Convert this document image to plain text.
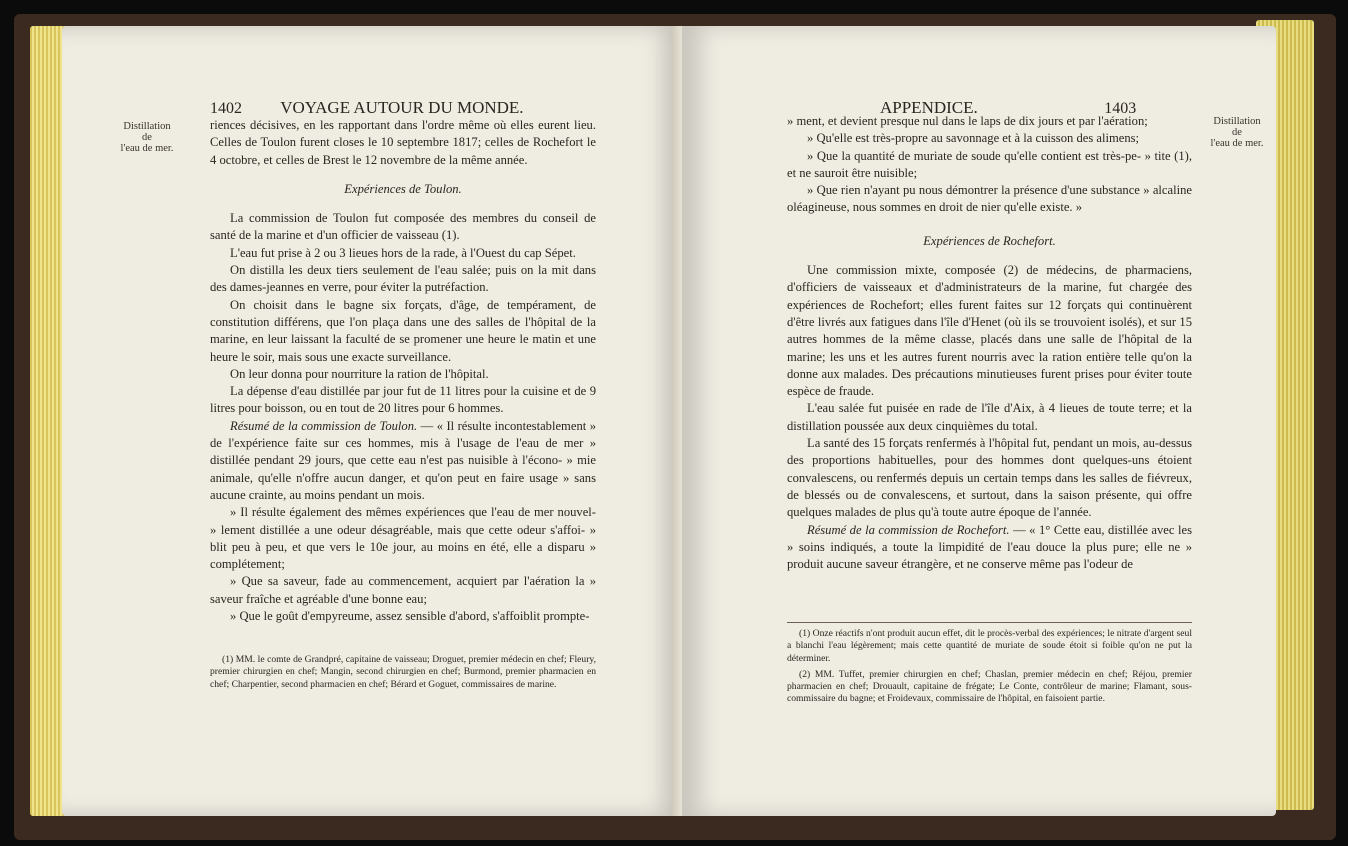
1402 VOYAGE AUTOUR DU MONDE.
Distillation
de
l'eau de mer.

riences décisives, en les rapportant dans l'ordre même où elles eurent lieu. Celles de Toulon furent closes le 10 septembre 1817; celles de Rochefort le 4 octobre, et celles de Brest le 12 novembre de la même année.

Expériences de Toulon.

La commission de Toulon fut composée des membres du conseil de santé de la marine et d'un officier de vaisseau (1).

L'eau fut prise à 2 ou 3 lieues hors de la rade, à l'Ouest du cap Sépet.

On distilla les deux tiers seulement de l'eau salée; puis on la mit dans des dames-jeannes en verre, pour éviter la putréfaction.

On choisit dans le bagne six forçats, d'âge, de tempérament, de constitution différens, que l'on plaça dans une des salles de l'hôpital de la marine, en leur laissant la faculté de se promener une heure le matin et une heure le soir, mais sous une exacte surveillance.

On leur donna pour nourriture la ration de l'hôpital.

La dépense d'eau distillée par jour fut de 11 litres pour la cuisine et de 9 litres pour boisson, ou en tout de 20 litres pour 6 hommes.

Résumé de la commission de Toulon. — « Il résulte incontestablement » de l'expérience faite sur ces hommes, mis à l'usage de l'eau de mer » distillée pendant 29 jours, que cette eau n'est pas nuisible à l'écono- » mie animale, qu'elle n'offre aucun danger, et qu'on peut en faire usage » sans aucune crainte, au moins pendant un mois.

» Il résulte également des mêmes expériences que l'eau de mer nouvel- » lement distillée a une odeur désagréable, mais que cette odeur s'affoi- » blit peu à peu, et que vers le 10e jour, au moins en été, elle a disparu » complétement;

» Que sa saveur, fade au commencement, acquiert par l'aération la » saveur fraîche et agréable d'une bonne eau;

» Que le goût d'empyreume, assez sensible d'abord, s'affoiblit prompte-

(1) MM. le comte de Grandpré, capitaine de vaisseau; Droguet, premier médecin en chef; Fleury, premier chirurgien en chef; Mangin, second chirurgien en chef; Burmond, premier pharmacien en chef; Charpentier, second pharmacien en chef; Bérard et Goguet, commissaires de marine.

APPENDICE.	1403
Distillation
de
l'eau de mer.

» ment, et devient presque nul dans le laps de dix jours et par l'aération;

» Qu'elle est très-propre au savonnage et à la cuisson des alimens;

» Que la quantité de muriate de soude qu'elle contient est très-pe- » tite (1), et ne sauroit être nuisible;

» Que rien n'ayant pu nous démontrer la présence d'une substance » alcaline oléagineuse, nous sommes en droit de nier qu'elle existe. »

Expériences de Rochefort.

Une commission mixte, composée (2) de médecins, de pharmaciens, d'officiers de vaisseaux et d'administrateurs de la marine, fut chargée des expériences de Rochefort; elles furent faites sur 12 forçats qui continuèrent d'être livrés aux fatigues dans l'île d'Henet (où ils se trouvoient isolés), et sur 15 autres hommes de la même classe, placés dans une salle de l'hôpital de la marine; les uns et les autres furent nourris avec la ration entière telle qu'on la donne aux malades. Des précautions minutieuses furent prises pour éviter toute espèce de fraude.

L'eau salée fut puisée en rade de l'île d'Aix, à 4 lieues de toute terre; et la distillation poussée aux deux cinquièmes du total.

La santé des 15 forçats renfermés à l'hôpital fut, pendant un mois, au-dessus des proportions habituelles, pour des hommes dont quelques-uns étoient convalescens, ou renfermés depuis un certain temps dans les salles de fiévreux, de blessés ou de convalescens, et surtout, dans la saison présente, qui offre quelques malades de plus qu'à toute autre époque de l'année.

Résumé de la commission de Rochefort. — « 1° Cette eau, distillée avec les » soins indiqués, a toute la limpidité de l'eau douce la plus pure; elle ne » produit aucune saveur étrangère, et ne conserve même pas l'odeur de

(1) Onze réactifs n'ont produit aucun effet, dit le procès-verbal des expériences; le nitrate d'argent seul a blanchi l'eau légèrement; mais cette quantité de muriate de soude étoit si foible qu'on ne put la déterminer.

(2) MM. Tuffet, premier chirurgien en chef; Chaslan, premier médecin en chef; Réjou, premier pharmacien en chef; Drouault, capitaine de frégate; Le Conte, contrôleur de marine; Flamant, sous-commissaire du bagne; et Froidevaux, commissaire de l'hôpital, en faisoient partie.
